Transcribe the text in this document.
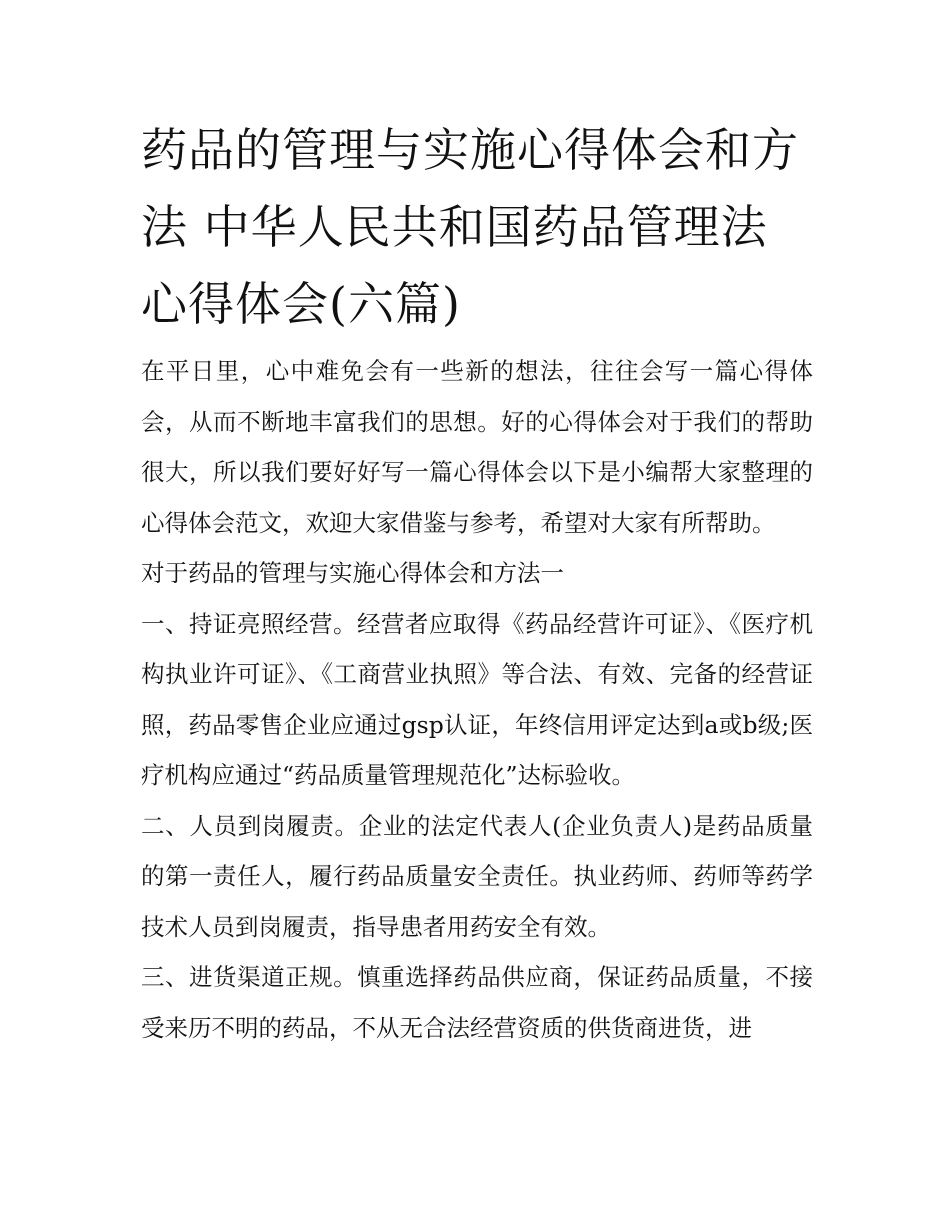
药品的管理与实施心得体会和方法 中华人民共和国药品管理法心得体会(六篇)

在平日里，心中难免会有一些新的想法，往往会写一篇心得体会，从而不断地丰富我们的思想。好的心得体会对于我们的帮助很大，所以我们要好好写一篇心得体会以下是小编帮大家整理的心得体会范文，欢迎大家借鉴与参考，希望对大家有所帮助。

对于药品的管理与实施心得体会和方法一

一、持证亮照经营。经营者应取得《药品经营许可证》、《医疗机构执业许可证》、《工商营业执照》等合法、有效、完备的经营证照，药品零售企业应通过gsp认证，年终信用评定达到a或b级;医疗机构应通过“药品质量管理规范化”达标验收。

二、人员到岗履责。企业的法定代表人(企业负责人)是药品质量的第一责任人，履行药品质量安全责任。执业药师、药师等药学技术人员到岗履责，指导患者用药安全有效。

三、进货渠道正规。慎重选择药品供应商，保证药品质量，不接受来历不明的药品，不从无合法经营资质的供货商进货，进
